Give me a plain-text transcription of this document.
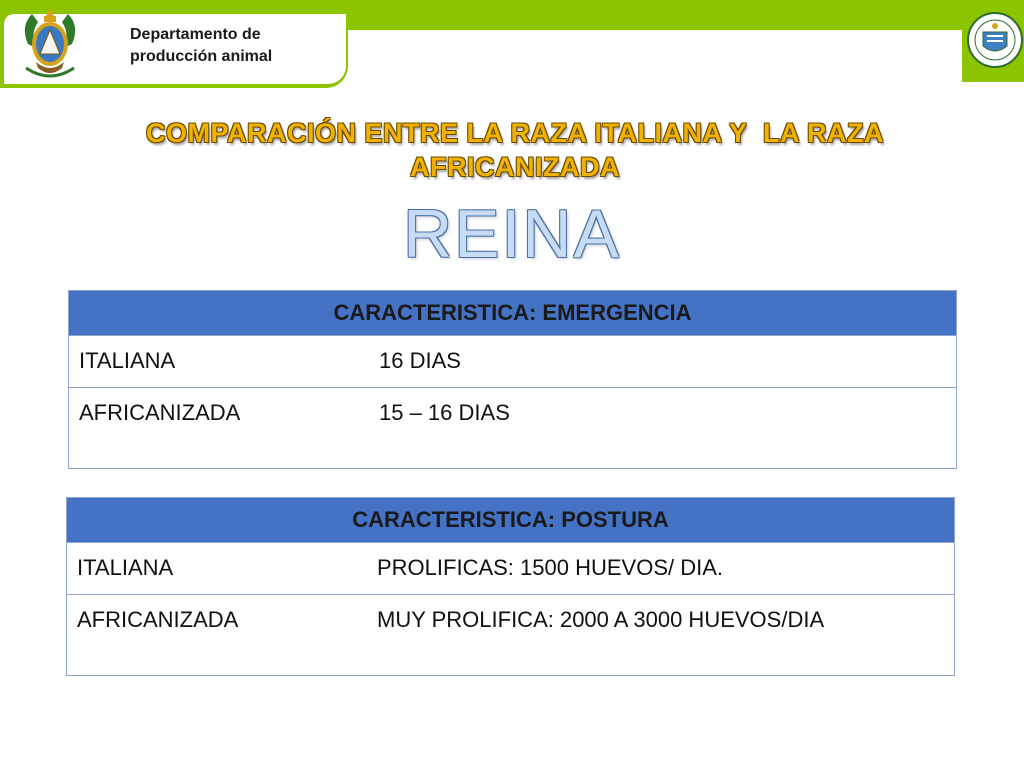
Departamento de
producción animal
COMPARACIÓN ENTRE LA RAZA ITALIANA Y  LA RAZA
AFRICANIZADA
REINA
CARACTERISTICA: EMERGENCIA
ITALIANA	16 DIAS
AFRICANIZADA	15 – 16 DIAS
CARACTERISTICA: POSTURA
ITALIANA	PROLIFICAS: 1500 HUEVOS/ DIA.
AFRICANIZADA	MUY PROLIFICA: 2000 A 3000 HUEVOS/DIA
